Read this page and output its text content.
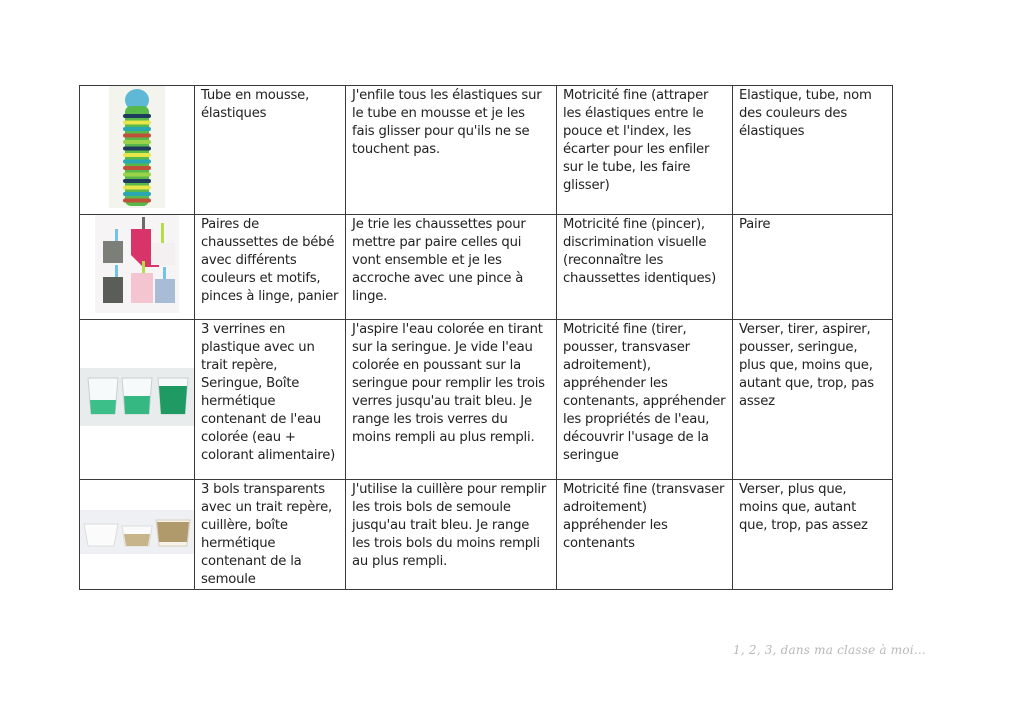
	Tube en mousse, élastiques	J'enfile tous les élastiques sur le tube en mousse et je les fais glisser pour qu'ils ne se touchent pas.	Motricité fine (attraper les élastiques entre le pouce et l'index, les écarter pour les enfiler sur le tube, les faire glisser)	Elastique, tube, nom des couleurs des élastiques
	Paires de chaussettes de bébé avec différents couleurs et motifs, pinces à linge, panier	Je trie les chaussettes pour mettre par paire celles qui vont ensemble et je les accroche avec une pince à linge.	Motricité fine (pincer), discrimination visuelle (reconnaître les chaussettes identiques)	Paire
	3 verrines en plastique avec un trait repère, Seringue, Boîte hermétique contenant de l'eau colorée (eau + colorant alimentaire)	J'aspire l'eau colorée en tirant sur la seringue. Je vide l'eau colorée en poussant sur la seringue pour remplir les trois verres jusqu'au trait bleu. Je range les trois verres du moins rempli au plus rempli.	Motricité fine (tirer, pousser, transvaser adroitement), appréhender les contenants, appréhender les propriétés de l'eau, découvrir l'usage de la seringue	Verser, tirer, aspirer, pousser, seringue, plus que, moins que, autant que, trop, pas assez
	3 bols transparents avec un trait repère, cuillère, boîte hermétique contenant de la semoule	J'utilise la cuillère pour remplir les trois bols de semoule jusqu'au trait bleu. Je range les trois bols du moins rempli au plus rempli.	Motricité fine (transvaser adroitement) appréhender les contenants	Verser, plus que, moins que, autant que, trop, pas assez
1, 2, 3, dans ma classe à moi...
